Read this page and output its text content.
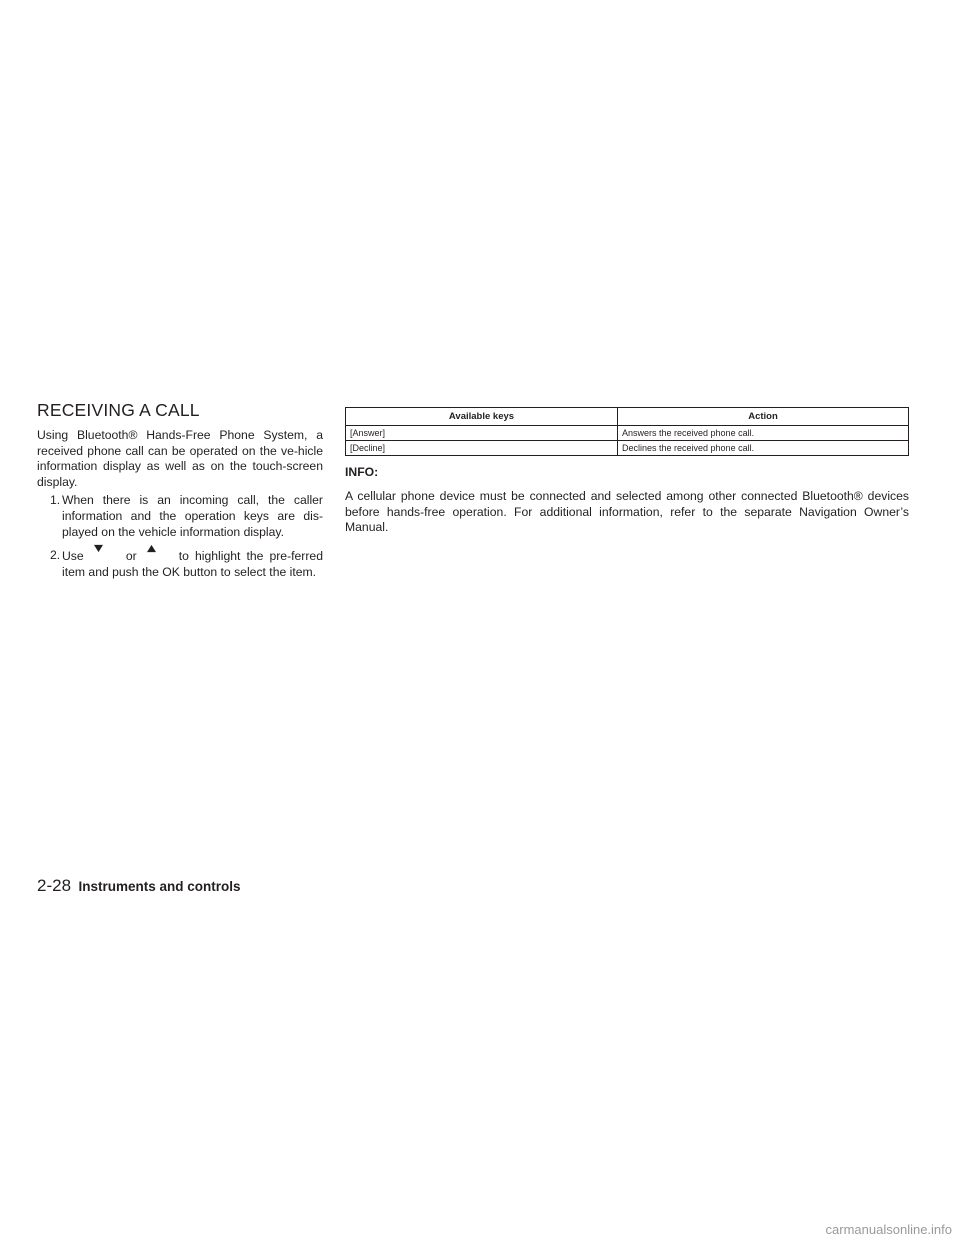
RECEIVING A CALL

Using Bluetooth® Hands-Free Phone System, a received phone call can be operated on the ve-hicle information display as well as on the touch-screen display.

1. When there is an incoming call, the caller information and the operation keys are dis-played on the vehicle information display.
2. Use	or	to highlight the pre-ferred item and push the OK button to select the item.
Available keys	Action
[Answer]	Answers the received phone call.
[Decline]	Declines the received phone call.
INFO:

A cellular phone device must be connected and selected among other connected Bluetooth® devices before hands-free operation. For additional information, refer to the separate Navigation Owner’s Manual.

2-28 Instruments and controls
carmanualsonline.info
